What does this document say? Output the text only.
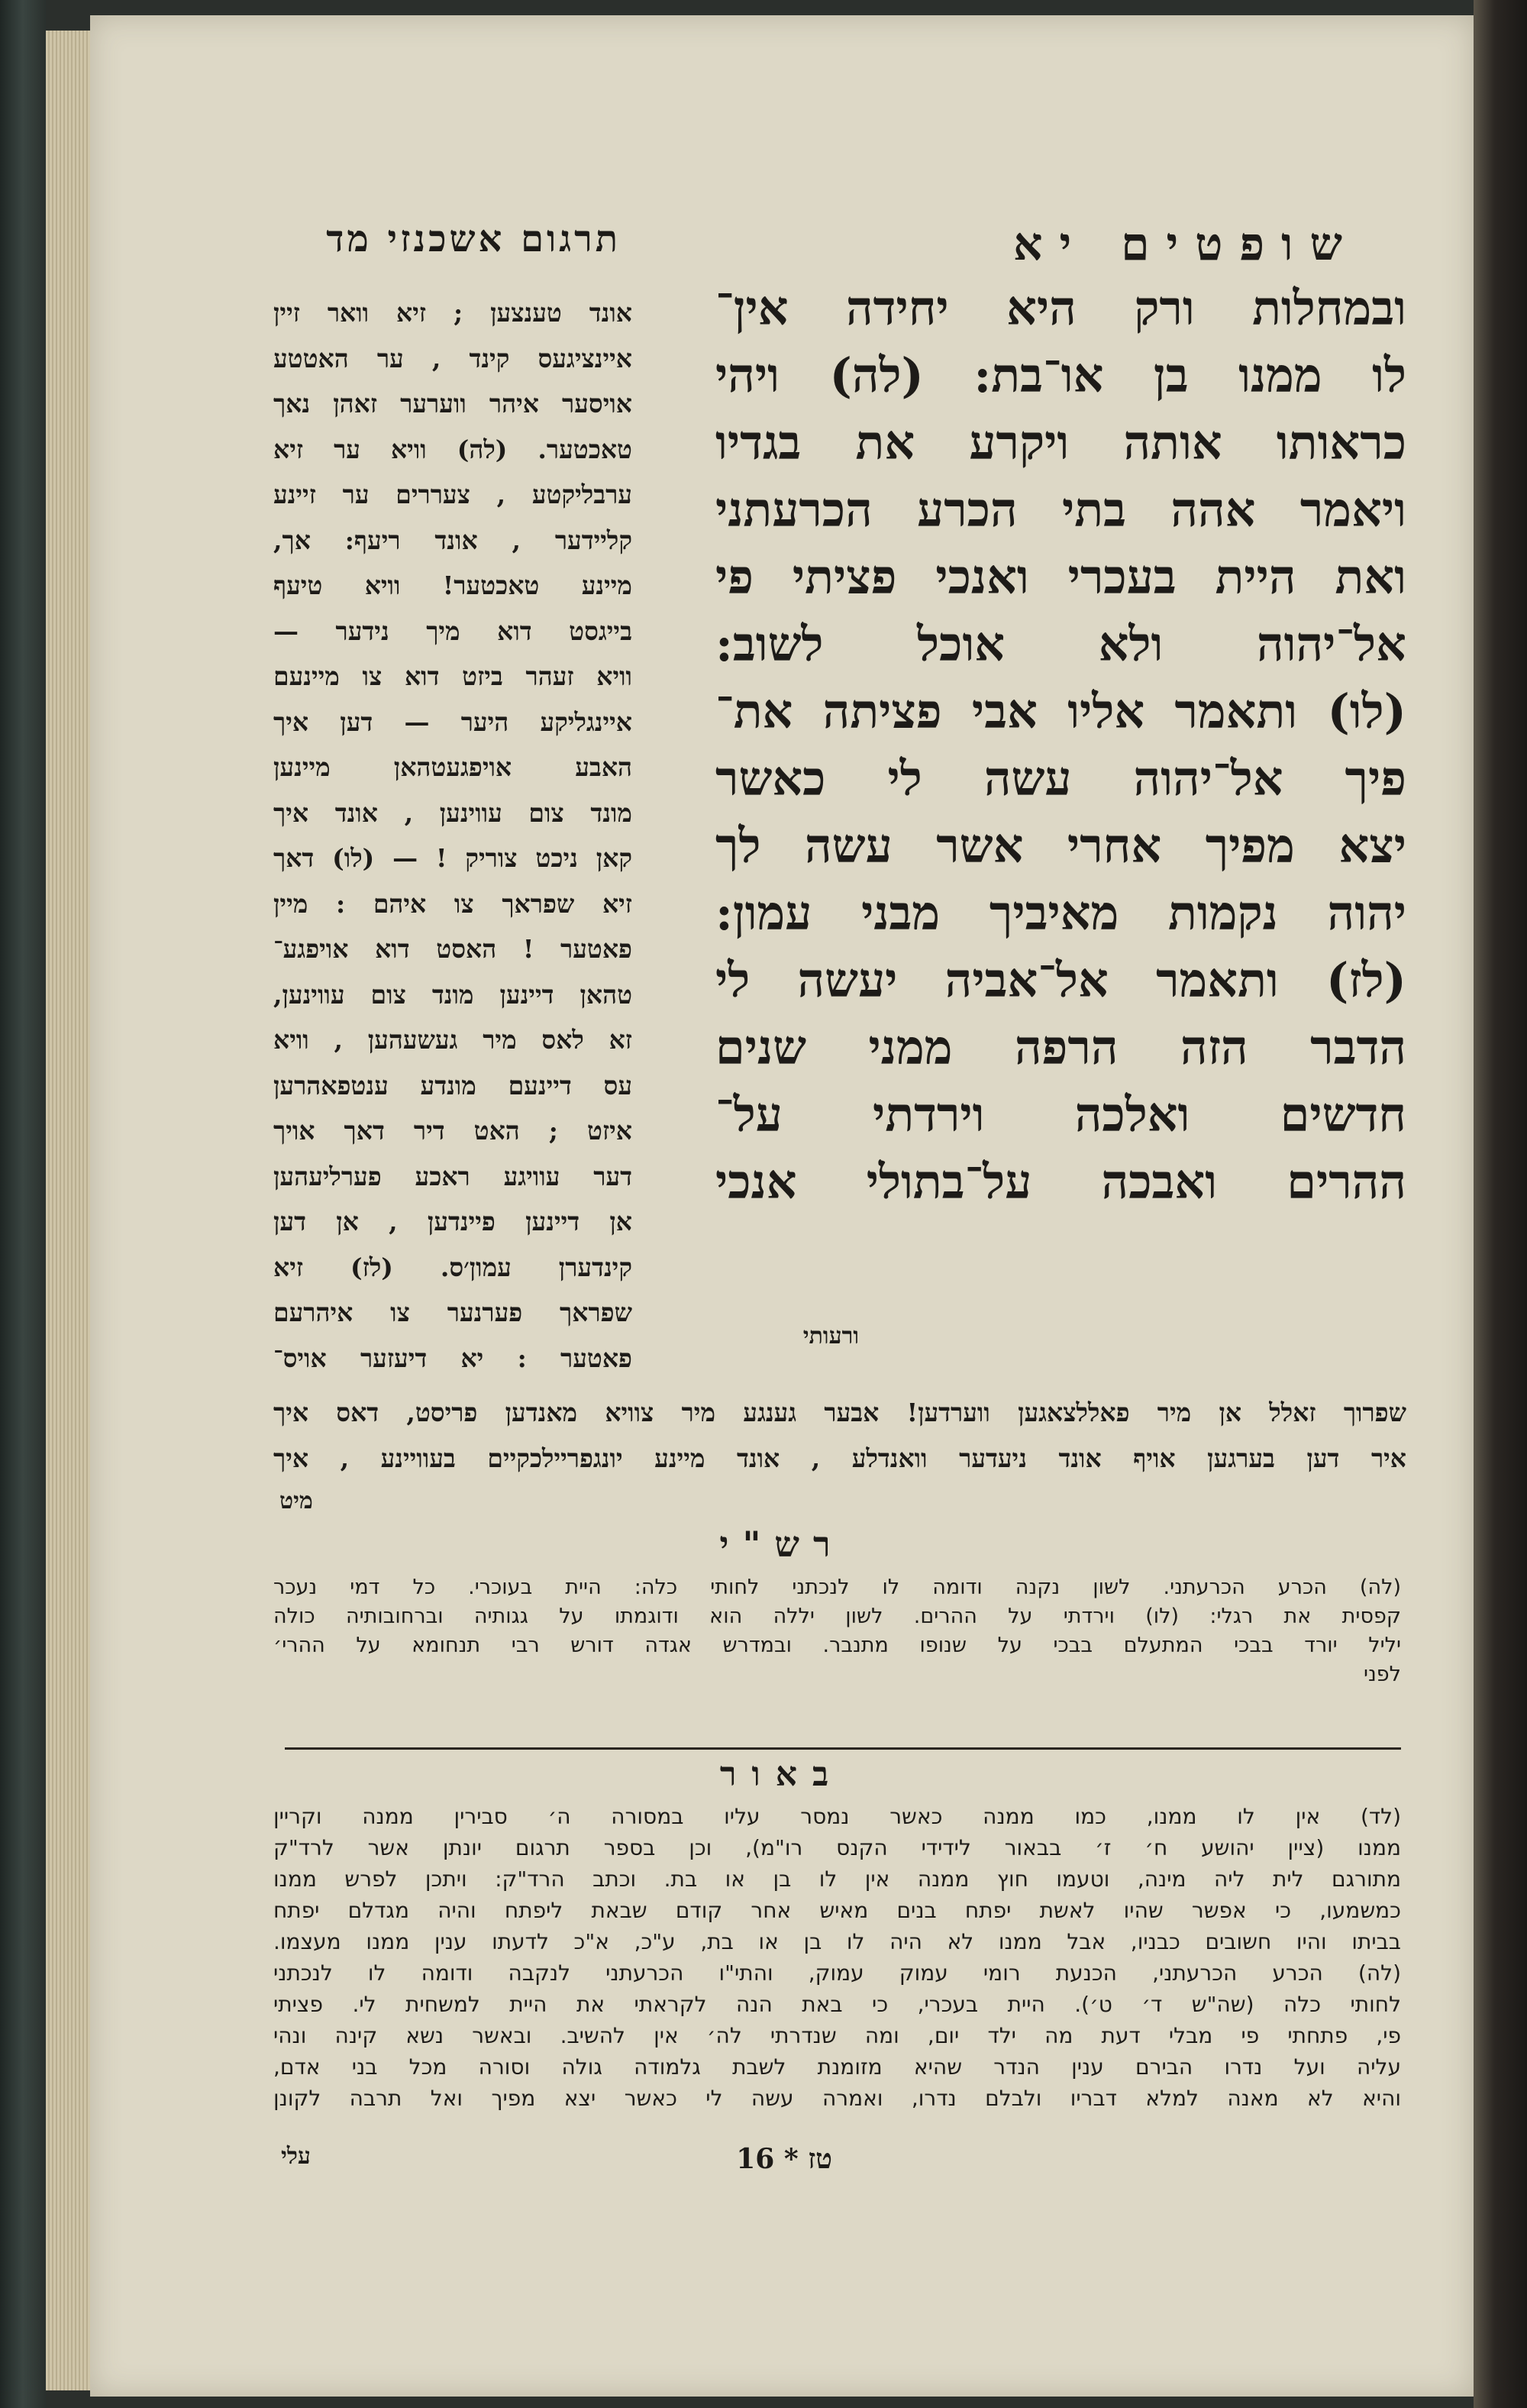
שופטים יא
תרגום אשכנזי מד
ובמחלות ורק היא יחידה אין־
לו ממנו בן או־בת: (לה) ויהי
כראותו אותה ויקרע את בגדיו
ויאמר אהה בתי הכרע הכרעתני
ואת היית בעכרי ואנכי פציתי פי
אל־יהוה ולא אוכל לשוב:
(לו) ותאמר אליו אבי פציתה את־
פיך אל־יהוה עשה לי כאשר
יצא מפיך אחרי אשר עשה לך
יהוה נקמות מאיביך מבני עמון:
(לז) ותאמר אל־אביה יעשה לי
הדבר הזה הרפה ממני שנים
חדשים ואלכה וירדתי על־
ההרים ואבכה על־בתולי אנכי
ורעותי
אונד טענצען ; זיא וואר זיין
איינציגעס קינד , ער האטטע
אויסער איהר ווערער זאהן נאך
טאכטער. (לה) וויא ער זיא
ערבליקטע , צעררים ער זיינע
קליידער , אונד ריעף: אך,
מיינע טאכטער! וויא טיעף
בייגסט דוא מיך נידער —
וויא זעהר ביזט דוא צו מיינעם
איינגליקע היער — דען איך
האבע אויפגעטהאן מיינען
מונד צום עווינען , אונד איך
קאן ניכט צוריק ! — (לו) דאך
זיא שפראך צו איהם : מיין
פאטער ! האסט דוא אויפגע־
טהאן דיינען מונד צום עווינען,
זא לאס מיר געשעהען , וויא
עס דיינעם מונדע ענטפאהרען
איזט ; האט דיר דאך אויך
דער עוויגע ראכע פערליעהען
אן דיינען פיינדען , אן דען
קינדערן עמון׳ס. (לז) זיא
שפראך פערנער צו איהרעם
פאטער : יא דיעזער אויס־
שפרוך זאלל אן מיר פאללצאגען ווערדען! אבער גענגע מיר צוויא מאנדען פריסט, דאס איך
איר דען בערגען אויף אונד ניעדער וואנדלע , אונד מיינע יונגפריילכקיים בעוויינע , איך
מיט
רש"י
(לה) הכרע הכרעתני. לשון נקנה ודומה לו לנכתני לחותי כלה: היית בעוכרי. כל דמי נעכר
קפסית את רגלי: (לו) וירדתי על ההרים. לשון יללה הוא ודוגמתו על גגותיה וברחובותיה כולה
יליל יורד בבכי המתעלם בבכי על שנופו מתנבר. ובמדרש אגדה דורש רבי תנחומא על ההרי׳
לפני
באור
(לד) אין לו ממנו, כמו ממנה כאשר נמסר עליו במסורה ה׳ סבירין ממנה וקריין
ממנו (ציין יהושע ח׳ ז׳ בבאור לידידי הקנס רו"מ), וכן בספר תרגום יונתן אשר לרד"ק
מתורגם לית ליה מינה, וטעמו חוץ ממנה אין לו בן או בת. וכתב הרד"ק: ויתכן לפרש ממנו
כמשמעו, כי אפשר שהיו לאשת יפתח בנים מאיש אחר קודם שבאת ליפתח והיה מגדלם יפתח
בביתו והיו חשובים כבניו, אבל ממנו לא היה לו בן או בת, ע"כ, א"כ לדעתו ענין ממנו מעצמו.
(לה) הכרע הכרעתני, הכנעת רומי עמוק עמוק, והתי"ו הכרעתני לנקבה ודומה לו לנכתני
לחותי כלה (שה"ש ד׳ ט׳). היית בעכרי, כי באת הנה לקראתי את היית למשחית לי. פציתי
פי, פתחתי פי מבלי דעת מה ילד יום, ומה שנדרתי לה׳ אין להשיב. ובאשר נשא קינה ונהי
עליה ועל נדרו הבירם ענין הנדר שהיא מזומנת לשבת גלמודה גולה וסורה מכל בני אדם,
והיא לא מאנה למלא דבריו ולבלם נדרו, ואמרה עשה לי כאשר יצא מפיך ואל תרבה לקונן
טז * 16
עלי
